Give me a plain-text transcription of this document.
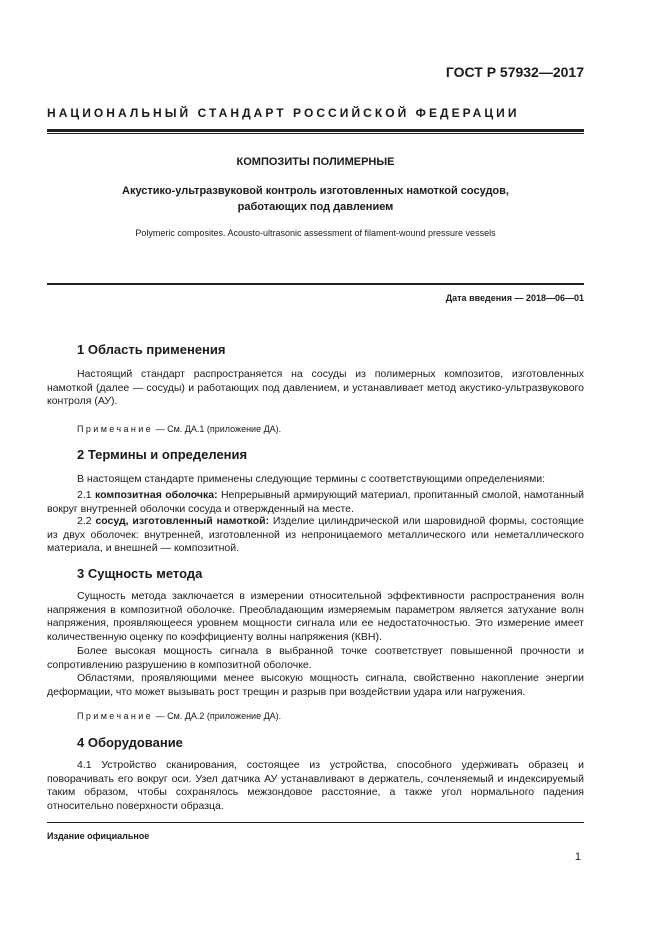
ГОСТ Р 57932—2017
НАЦИОНАЛЬНЫЙ СТАНДАРТ РОССИЙСКОЙ ФЕДЕРАЦИИ
КОМПОЗИТЫ ПОЛИМЕРНЫЕ
Акустико-ультразвуковой контроль изготовленных намоткой сосудов,
работающих под давлением
Polymeric composites. Acousto-ultrasonic assessment of filament-wound pressure vessels
Дата введения — 2018—06—01
1 Область применения
Настоящий стандарт распространяется на сосуды из полимерных композитов, изготовленных намоткой (далее — сосуды) и работающих под давлением, и устанавливает метод акустико-ультразвукового контроля (АУ).
Примечание — См. ДА.1 (приложение ДА).
2 Термины и определения
В настоящем стандарте применены следующие термины с соответствующими определениями:
2.1 композитная оболочка: Непрерывный армирующий материал, пропитанный смолой, намотанный вокруг внутренней оболочки сосуда и отвержденный на месте.
2.2 сосуд, изготовленный намоткой: Изделие цилиндрической или шаровидной формы, состоящие из двух оболочек: внутренней, изготовленной из непроницаемого металлического или неметаллического материала, и внешней — композитной.
3 Сущность метода
Сущность метода заключается в измерении относительной эффективности распространения волн напряжения в композитной оболочке. Преобладающим измеряемым параметром является затухание волн напряжения, проявляющееся уровнем мощности сигнала или ее недостаточностью. Это измерение имеет количественную оценку по коэффициенту волны напряжения (КВН).
Более высокая мощность сигнала в выбранной точке соответствует повышенной прочности и сопротивлению разрушению в композитной оболочке.
Областями, проявляющими менее высокую мощность сигнала, свойственно накопление энергии деформации, что может вызывать рост трещин и разрыв при воздействии удара или нагружения.
Примечание — См. ДА.2 (приложение ДА).
4 Оборудование
4.1 Устройство сканирования, состоящее из устройства, способного удерживать образец и поворачивать его вокруг оси. Узел датчика АУ устанавливают в держатель, сочленяемый и индексируемый таким образом, чтобы сохранялось межзондовое расстояние, а также угол нормального падения относительно поверхности образца.
Издание официальное
1
